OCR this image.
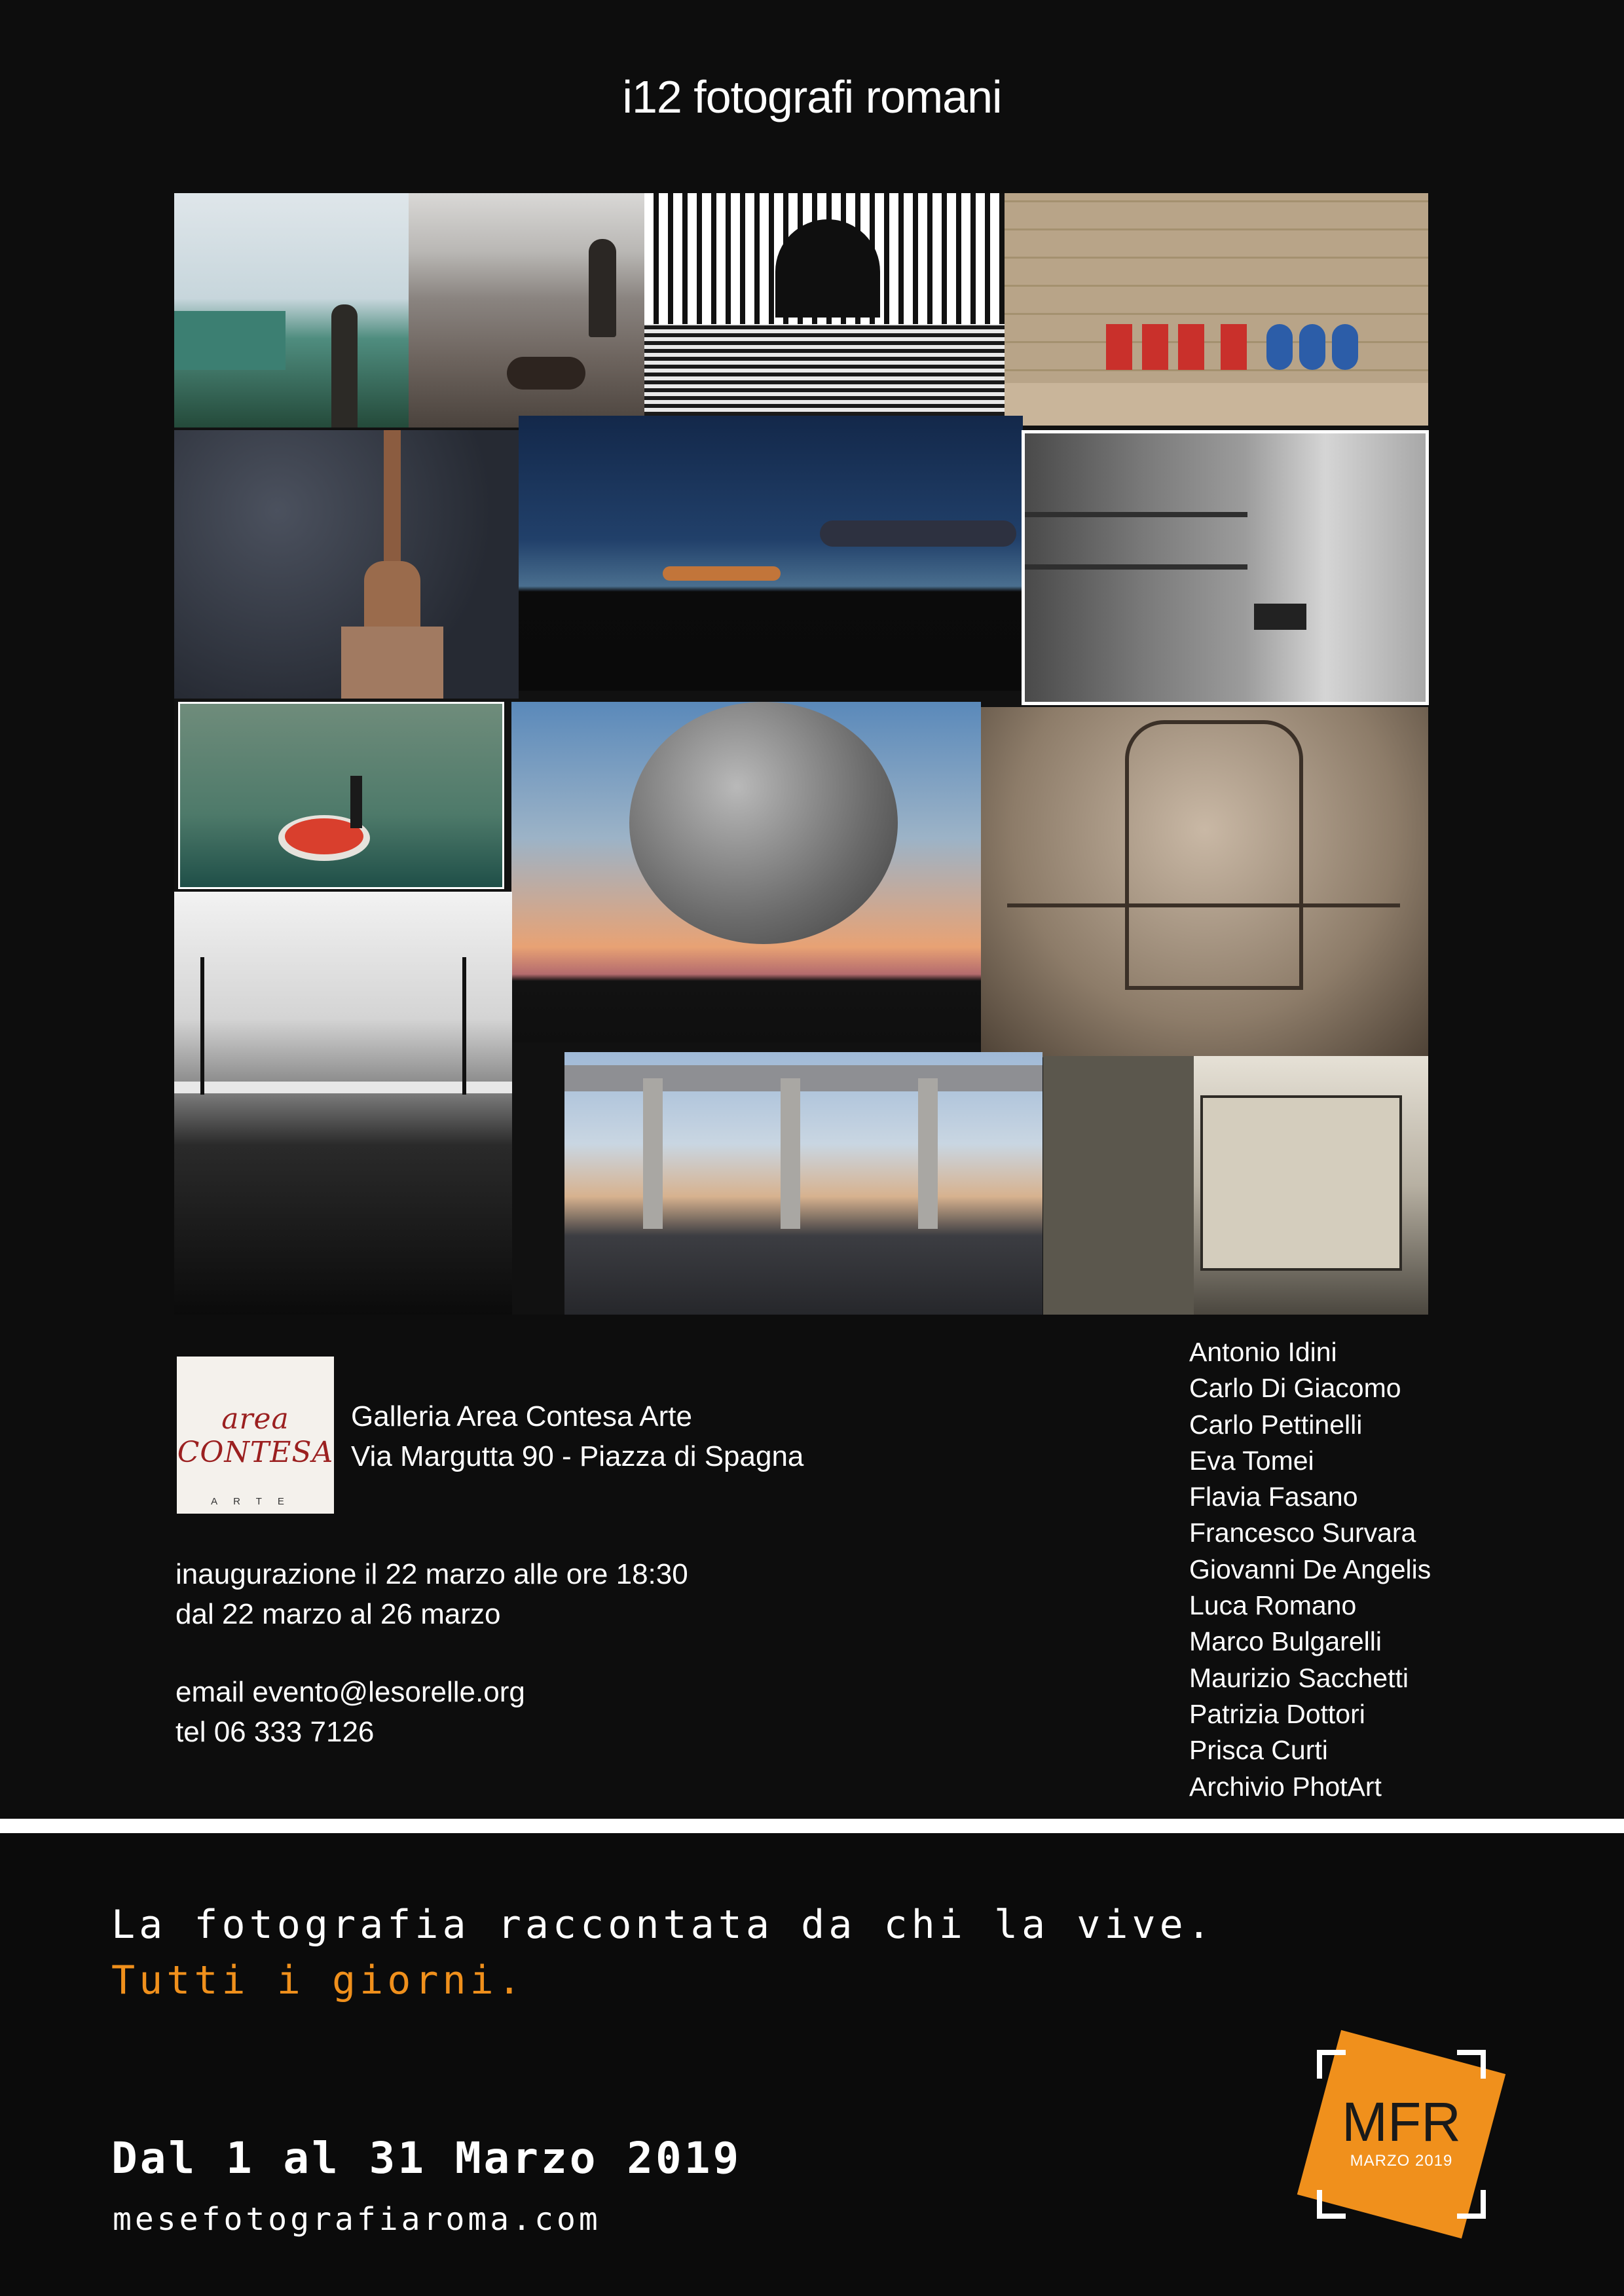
i12 fotografi romani
area CONTESA
ARTE
Galleria Area Contesa Arte
Via Margutta 90 - Piazza di Spagna
inaugurazione il 22 marzo alle ore 18:30
dal 22 marzo al 26 marzo
email evento@lesorelle.org
tel 06 333 7126
Antonio Idini
Carlo Di Giacomo
Carlo Pettinelli
Eva Tomei
Flavia Fasano
Francesco Survara
Giovanni De Angelis
Luca Romano
Marco Bulgarelli
Maurizio Sacchetti
Patrizia Dottori
Prisca Curti
Archivio PhotArt
La fotografia raccontata da chi la vive.
Tutti i giorni.
Dal 1 al 31 Marzo 2019
mesefotografiaroma.com
MFR
MARZO 2019
